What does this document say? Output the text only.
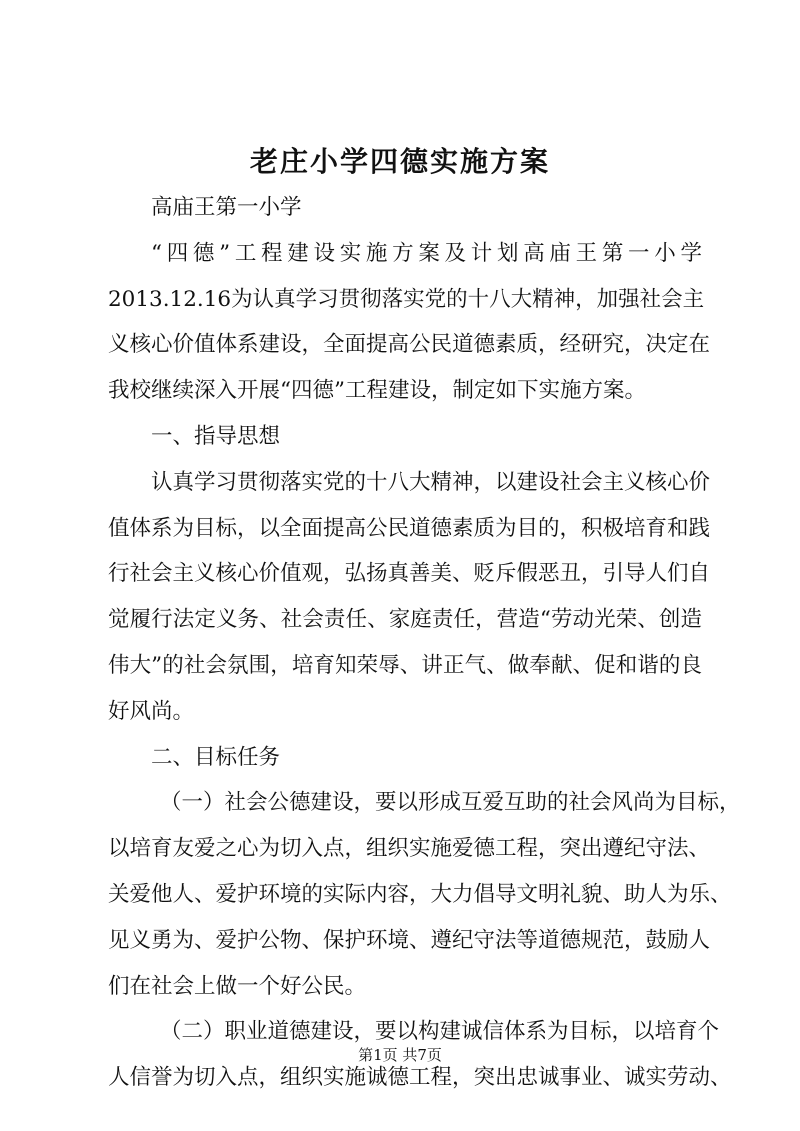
老庄小学四德实施方案
高庙王第一小学
“四德”工程建设实施方案及计划高庙王第一小学
2013.12.16为认真学习贯彻落实党的十八大精神，加强社会主
义核心价值体系建设，全面提高公民道德素质，经研究，决定在
我校继续深入开展“四德”工程建设，制定如下实施方案。
一、指导思想
认真学习贯彻落实党的十八大精神，以建设社会主义核心价
值体系为目标，以全面提高公民道德素质为目的，积极培育和践
行社会主义核心价值观，弘扬真善美、贬斥假恶丑，引导人们自
觉履行法定义务、社会责任、家庭责任，营造“劳动光荣、创造
伟大”的社会氛围，培育知荣辱、讲正气、做奉献、促和谐的良
好风尚。
二、目标任务
（一）社会公德建设，要以形成互爱互助的社会风尚为目标，
以培育友爱之心为切入点，组织实施爱德工程，突出遵纪守法、
关爱他人、爱护环境的实际内容，大力倡导文明礼貌、助人为乐、
见义勇为、爱护公物、保护环境、遵纪守法等道德规范，鼓励人
们在社会上做一个好公民。
（二）职业道德建设，要以构建诚信体系为目标，以培育个
人信誉为切入点，组织实施诚德工程，突出忠诚事业、诚实劳动、
第1页 共7页
